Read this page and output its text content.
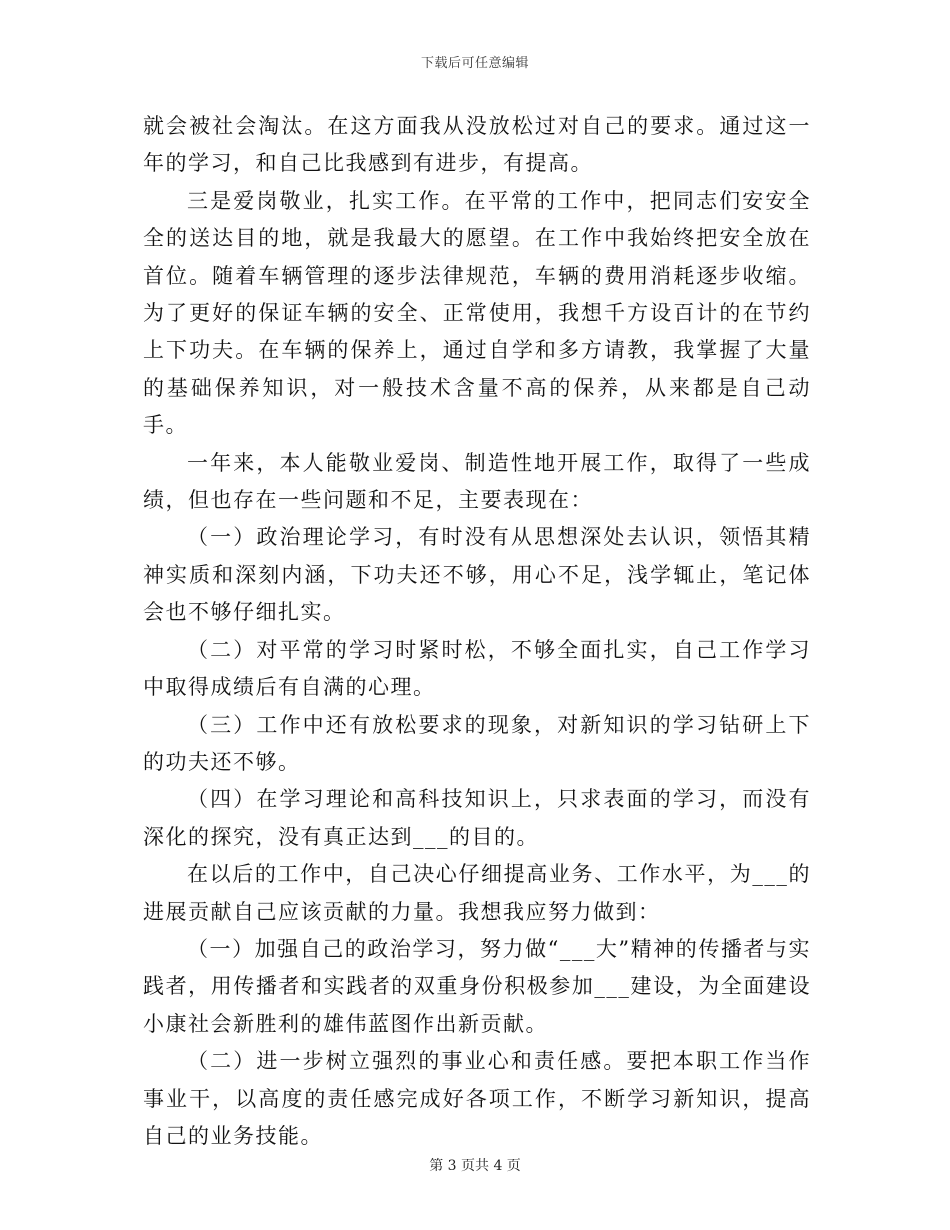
下载后可任意编辑

就会被社会淘汰。在这方面我从没放松过对自己的要求。通过这一年的学习，和自己比我感到有进步，有提高。

三是爱岗敬业，扎实工作。在平常的工作中，把同志们安安全全的送达目的地，就是我最大的愿望。在工作中我始终把安全放在首位。随着车辆管理的逐步法律规范，车辆的费用消耗逐步收缩。为了更好的保证车辆的安全、正常使用，我想千方设百计的在节约上下功夫。在车辆的保养上，通过自学和多方请教，我掌握了大量的基础保养知识，对一般技术含量不高的保养，从来都是自己动手。

一年来，本人能敬业爱岗、制造性地开展工作，取得了一些成绩，但也存在一些问题和不足，主要表现在：

（一）政治理论学习，有时没有从思想深处去认识，领悟其精神实质和深刻内涵，下功夫还不够，用心不足，浅学辄止，笔记体会也不够仔细扎实。

（二）对平常的学习时紧时松，不够全面扎实，自己工作学习中取得成绩后有自满的心理。

（三）工作中还有放松要求的现象，对新知识的学习钻研上下的功夫还不够。

（四）在学习理论和高科技知识上，只求表面的学习，而没有深化的探究，没有真正达到___的目的。

在以后的工作中，自己决心仔细提高业务、工作水平，为___的进展贡献自己应该贡献的力量。我想我应努力做到：

（一）加强自己的政治学习，努力做“___大”精神的传播者与实践者，用传播者和实践者的双重身份积极参加___建设，为全面建设小康社会新胜利的雄伟蓝图作出新贡献。

（二）进一步树立强烈的事业心和责任感。要把本职工作当作事业干，以高度的责任感完成好各项工作，不断学习新知识，提高自己的业务技能。

第 3 页共 4 页
